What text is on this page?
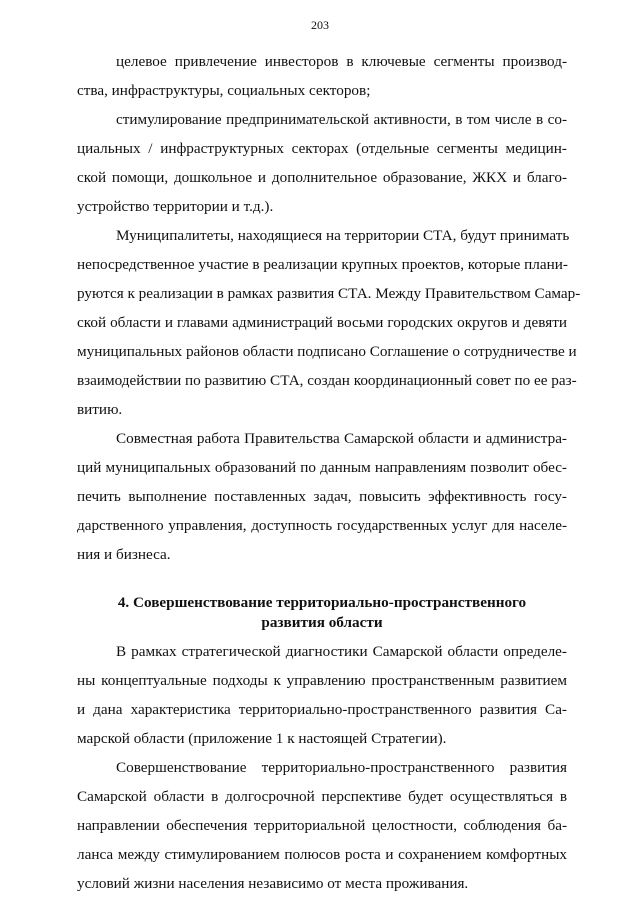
203
целевое привлечение инвесторов в ключевые сегменты производ-
ства, инфраструктуры, социальных секторов;
стимулирование предпринимательской активности, в том числе в со-
циальных / инфраструктурных секторах (отдельные сегменты медицин-
ской помощи, дошкольное и дополнительное образование, ЖКХ и благо-
устройство территории и т.д.).
Муниципалитеты, находящиеся на территории СТА, будут принимать
непосредственное участие в реализации крупных проектов, которые плани-
руются к реализации в рамках развития СТА. Между Правительством Самар-
ской области и главами администраций восьми городских округов и девяти
муниципальных районов области подписано Соглашение о сотрудничестве и
взаимодействии по развитию СТА, создан координационный совет по ее раз-
витию.
Совместная работа Правительства Самарской области и администра-
ций муниципальных образований по данным направлениям позволит обес-
печить выполнение поставленных задач, повысить эффективность госу-
дарственного управления, доступность государственных услуг для населе-
ния и бизнеса.
4. Совершенствование территориально-пространственного
развития области
В рамках стратегической диагностики Самарской области определе-
ны концептуальные подходы к управлению пространственным развитием
и дана характеристика территориально-пространственного развития Са-
марской области (приложение 1 к настоящей Стратегии).
Совершенствование территориально-пространственного развития
Самарской области в долгосрочной перспективе будет осуществляться в
направлении обеспечения территориальной целостности, соблюдения ба-
ланса между стимулированием полюсов роста и сохранением комфортных
условий жизни населения независимо от места проживания.
